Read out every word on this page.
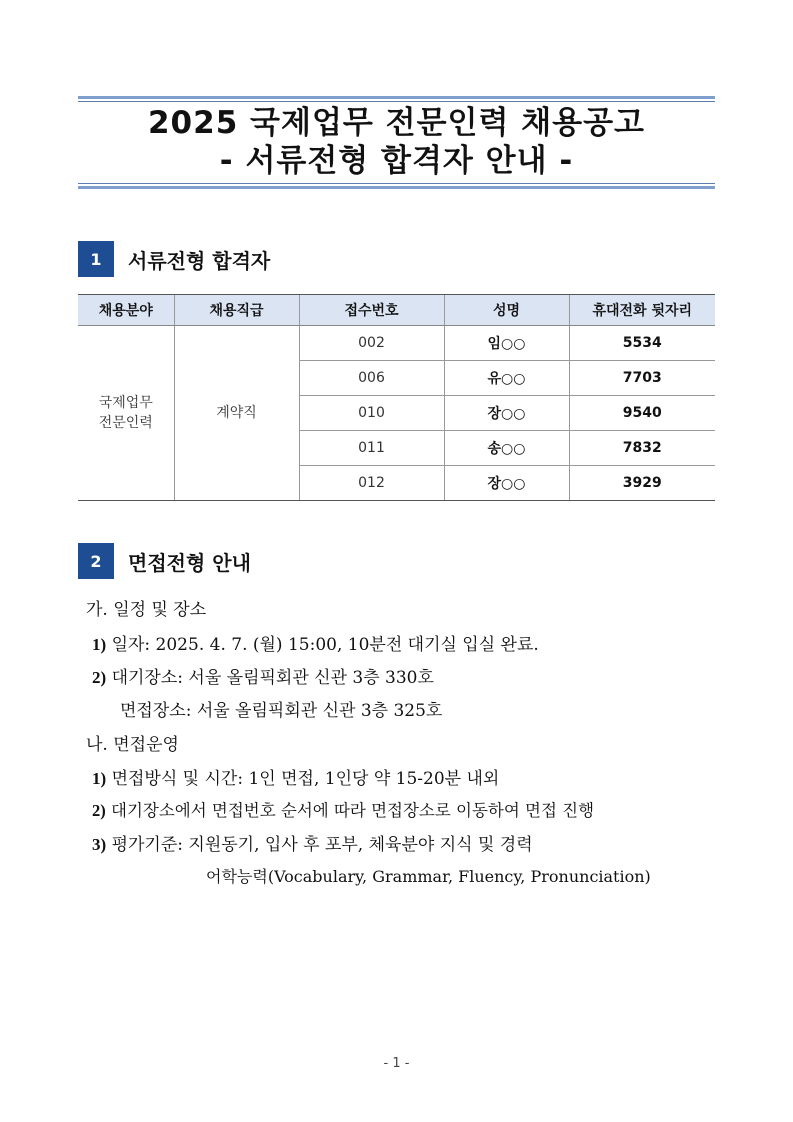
2025 국제업무 전문인력 채용공고
- 서류전형 합격자 안내 -
1	서류전형 합격자
채용분야	채용직급	접수번호	성명	휴대전화 뒷자리

국제업무
전문인력	계약직	002	임○○	5534
		006	유○○	7703
		010	장○○	9540
		011	송○○	7832
		012	장○○	3929
2	면접전형 안내
가. 일정 및 장소
1) 일자: 2025. 4. 7. (월) 15:00, 10분전 대기실 입실 완료.
2) 대기장소: 서울 올림픽회관 신관 3층 330호
면접장소: 서울 올림픽회관 신관 3층 325호
나. 면접운영
1) 면접방식 및 시간: 1인 면접, 1인당 약 15-20분 내외
2) 대기장소에서 면접번호 순서에 따라 면접장소로 이동하여 면접 진행
3) 평가기준: 지원동기, 입사 후 포부, 체육분야 지식 및 경력
어학능력(Vocabulary, Grammar, Fluency, Pronunciation)
- 1 -
